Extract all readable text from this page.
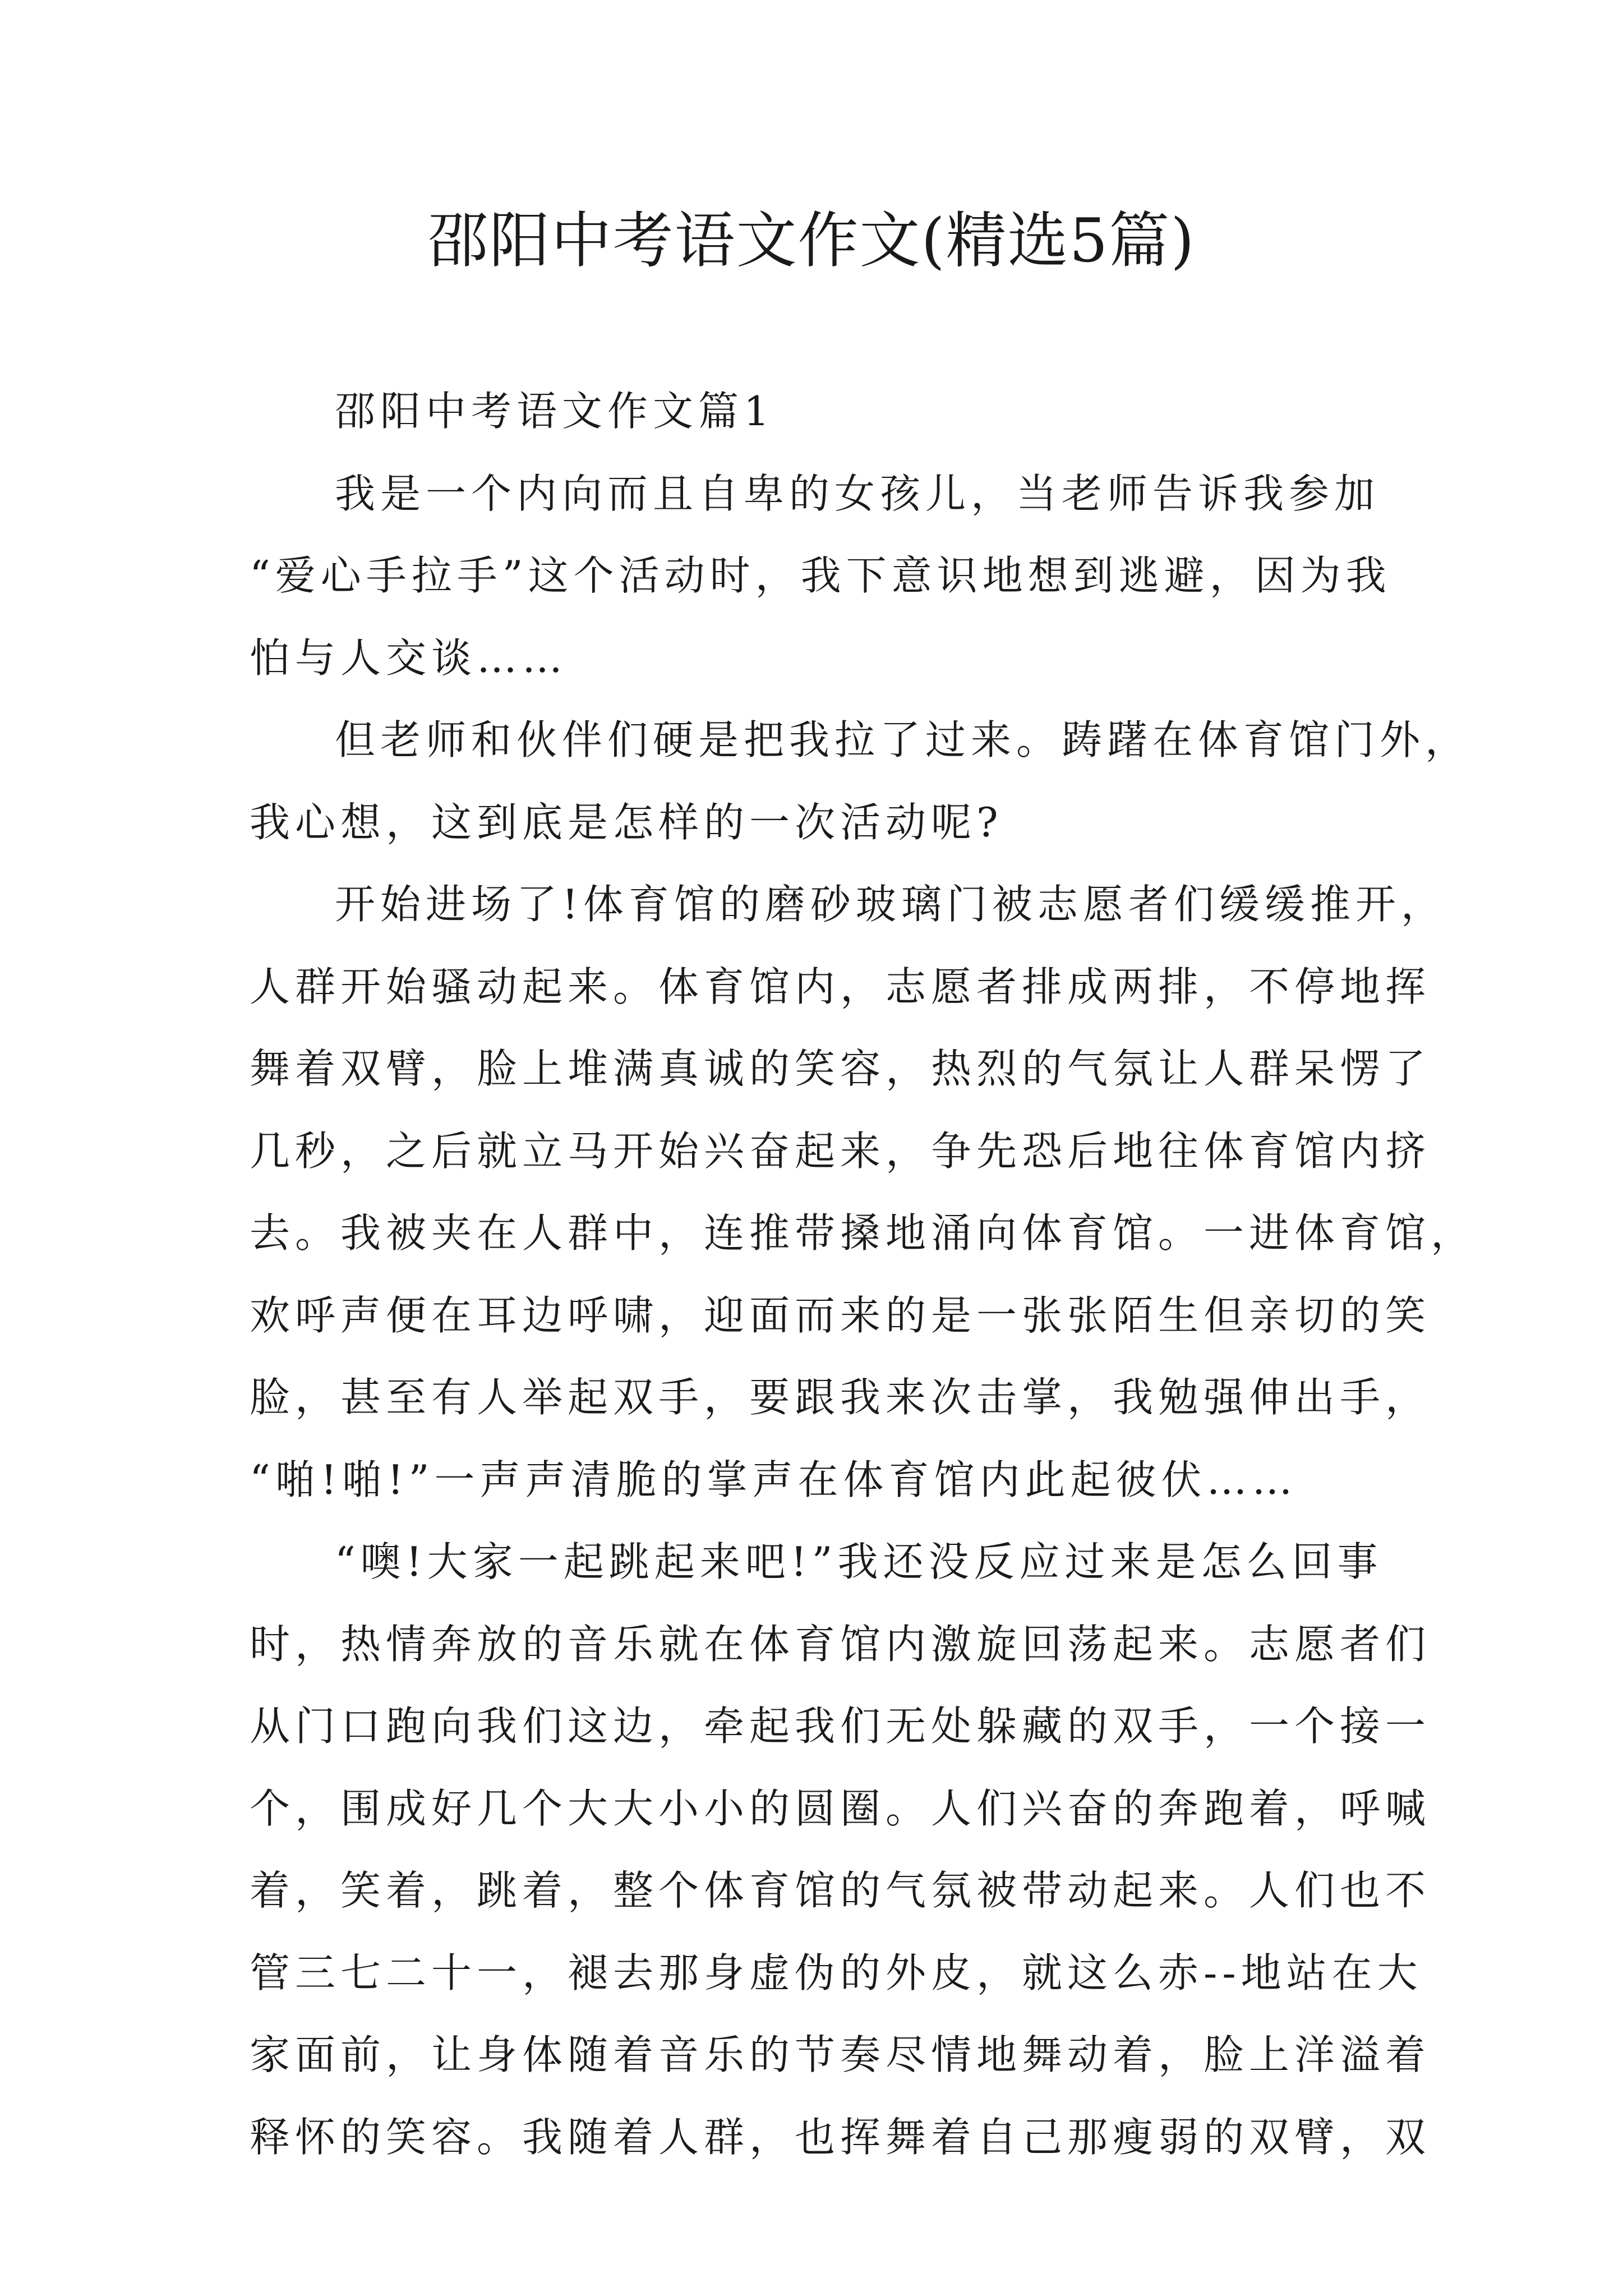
邵阳中考语文作文(精选5篇)
邵阳中考语文作文篇1
我是一个内向而且自卑的女孩儿，当老师告诉我参加
“爱心手拉手”这个活动时，我下意识地想到逃避，因为我
怕与人交谈……
但老师和伙伴们硬是把我拉了过来。踌躇在体育馆门外，
我心想，这到底是怎样的一次活动呢?
开始进场了!体育馆的磨砂玻璃门被志愿者们缓缓推开，
人群开始骚动起来。体育馆内，志愿者排成两排，不停地挥
舞着双臂，脸上堆满真诚的笑容，热烈的气氛让人群呆愣了
几秒，之后就立马开始兴奋起来，争先恐后地往体育馆内挤
去。我被夹在人群中，连推带搡地涌向体育馆。一进体育馆，
欢呼声便在耳边呼啸，迎面而来的是一张张陌生但亲切的笑
脸，甚至有人举起双手，要跟我来次击掌，我勉强伸出手，
“啪!啪!”一声声清脆的掌声在体育馆内此起彼伏……
“噢!大家一起跳起来吧!”我还没反应过来是怎么回事
时，热情奔放的音乐就在体育馆内激旋回荡起来。志愿者们
从门口跑向我们这边，牵起我们无处躲藏的双手，一个接一
个，围成好几个大大小小的圆圈。人们兴奋的奔跑着，呼喊
着，笑着，跳着，整个体育馆的气氛被带动起来。人们也不
管三七二十一，褪去那身虚伪的外皮，就这么赤--地站在大
家面前，让身体随着音乐的节奏尽情地舞动着，脸上洋溢着
释怀的笑容。我随着人群，也挥舞着自己那瘦弱的双臂，双
